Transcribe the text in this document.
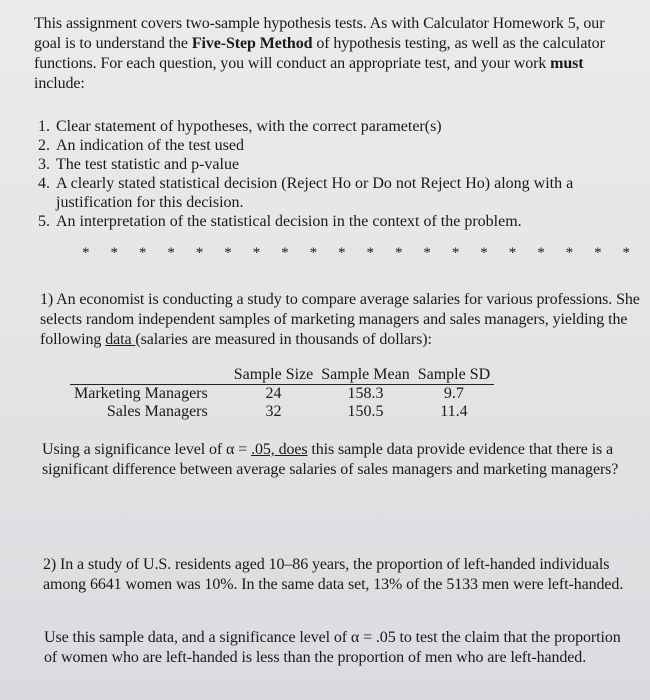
This assignment covers two-sample hypothesis tests. As with Calculator Homework 5, our goal is to understand the Five-Step Method of hypothesis testing, as well as the calculator functions. For each question, you will conduct an appropriate test, and your work must include:

1. Clear statement of hypotheses, with the correct parameter(s)
2. An indication of the test used
3. The test statistic and p-value
4. A clearly stated statistical decision (Reject Ho or Do not Reject Ho) along with a justification for this decision.
5. An interpretation of the statistical decision in the context of the problem.
* * * * * * * * * * * * * * * * * * * *

1) An economist is conducting a study to compare average salaries for various professions. She selects random independent samples of marketing managers and sales managers, yielding the following data (salaries are measured in thousands of dollars):

	Sample Size	Sample Mean	Sample SD
Marketing Managers	24	158.3	9.7
Sales Managers	32	150.5	11.4

Using a significance level of α = .05, does this sample data provide evidence that there is a significant difference between average salaries of sales managers and marketing managers?

2) In a study of U.S. residents aged 10–86 years, the proportion of left-handed individuals among 6641 women was 10%. In the same data set, 13% of the 5133 men were left-handed.

Use this sample data, and a significance level of α = .05 to test the claim that the proportion of women who are left-handed is less than the proportion of men who are left-handed.
